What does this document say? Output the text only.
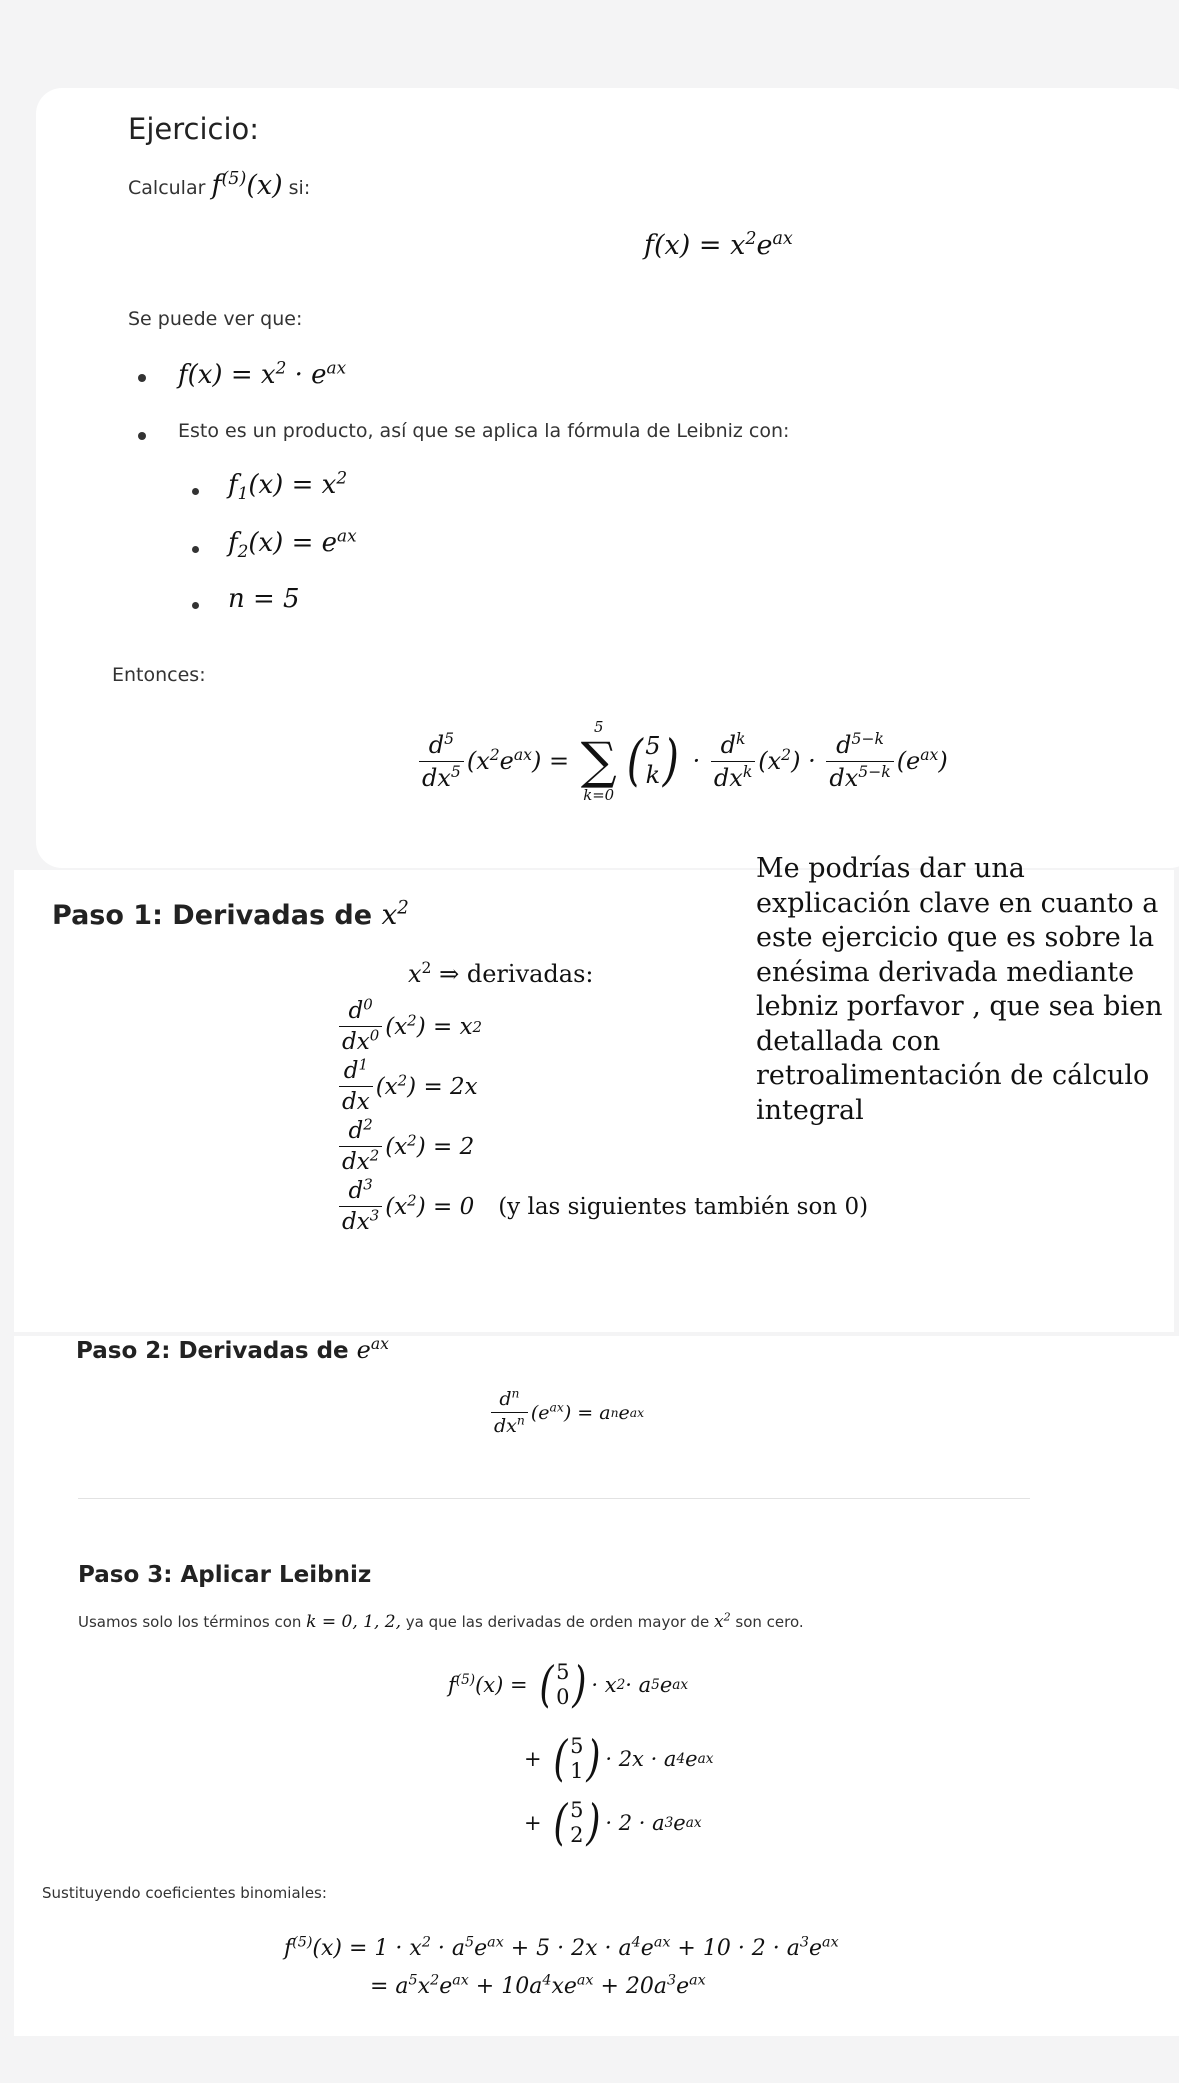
Ejercicio:
Calcular $f^{(5)}(x)$ si:
$f(x) = x^2e^{ax}$
Se puede ver que:
$f(x) = x^2 \cdot e^{ax}$
Esto es un producto, así que se aplica la fórmula de Leibniz con:
$f_1(x) = x^2$
$f_2(x) = e^{ax}$
n = 5
Entonces:
$\frac{d^5}{dx^5} (x^2e^{ax})$ =
5
∑
k=0
( 5
k ) · $\frac{d^k}{dx^k} (x^2) \cdot \frac{d^{5-k}}{dx^{5-k}} (e^{ax})$
Paso 1: Derivadas de $x^2$
$x^2$ ⇒ derivadas:
$\frac{d^0}{dx^0} (x^2) = x$ 2
$\frac{d^1}{dx} (x^2) = 2x$
$\frac{d^2}{dx^2} (x^2) = 2$
$\frac{d^3}{dx^3} (x^2) = 0$ (y las siguientes también son 0)
Me podrías dar una explicación clave en cuanto a este ejercicio que es sobre la enésima derivada mediante lebniz porfavor , que sea bien detallada con retroalimentación de cálculo integral
Paso 2: Derivadas de $e^{ax}$
$\frac{d^n}{dx^n} (e^{ax}) = a$ n e ax
Paso 3: Aplicar Leibniz
Usamos solo los términos con k = 0, 1, 2, ya que las derivadas de orden mayor de $x^2$ son cero.
$f^{(5)}(x)$ = ( 5
0 ) · x 2 · a 5 e ax
+ ( 5
1 ) · 2x · a 4 e ax
+ ( 5
2 ) · 2 · a 3 e ax
Sustituyendo coeficientes binomiales:
$f^{(5)}(x) = 1 \cdot x^2 \cdot a^5e^{ax} + 5 \cdot 2x \cdot a^4e^{ax} + 10 \cdot 2 \cdot a^3e^{ax}$
= $a^5x^2e^{ax} + 10a^4xe^{ax} + 20a^3e^{ax}$
